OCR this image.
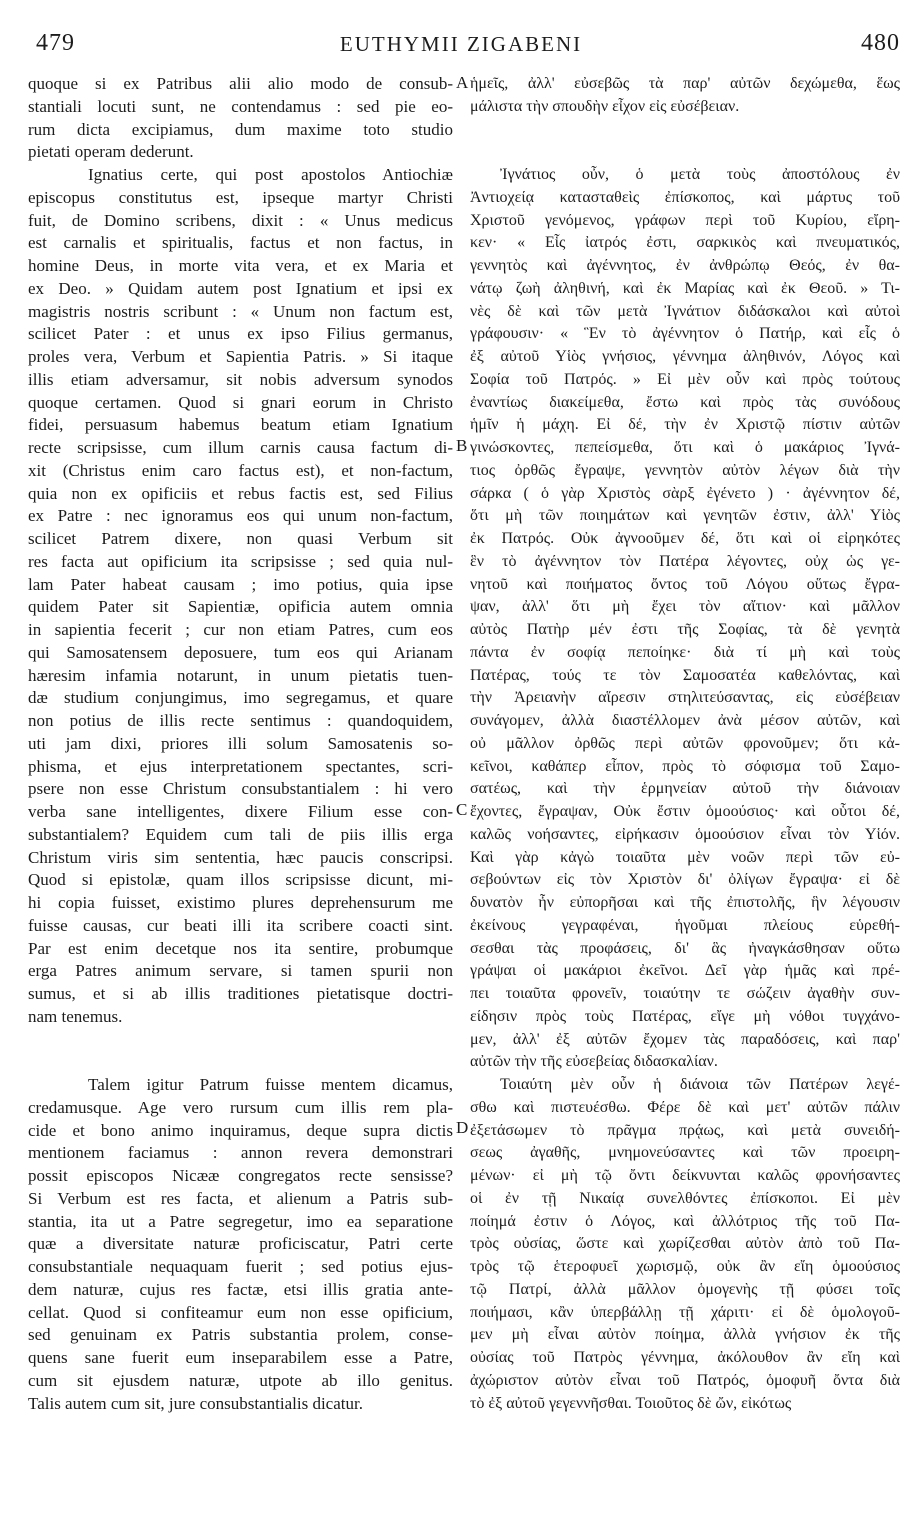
479	EUTHYMII ZIGABENI	480
A
B
C
D
quoque si ex Patribus alii alio modo de consub-
stantiali locuti sunt, ne contendamus : sed pie eo-
rum dicta excipiamus, dum maxime toto studio
pietati operam dederunt.
Ignatius certe, qui post apostolos Antiochiæ
episcopus constitutus est, ipseque martyr Christi
fuit, de Domino scribens, dixit : « Unus medicus
est carnalis et spiritualis, factus et non factus, in
homine Deus, in morte vita vera, et ex Maria et
ex Deo. » Quidam autem post Ignatium et ipsi ex
magistris nostris scribunt : « Unum non factum est,
scilicet Pater : et unus ex ipso Filius germanus,
proles vera, Verbum et Sapientia Patris. » Si itaque
illis etiam adversamur, sit nobis adversum synodos
quoque certamen. Quod si gnari eorum in Christo
fidei, persuasum habemus beatum etiam Ignatium
recte scripsisse, cum illum carnis causa factum di-
xit (Christus enim caro factus est), et non-factum,
quia non ex opificiis et rebus factis est, sed Filius
ex Patre : nec ignoramus eos qui unum non-factum,
scilicet Patrem dixere, non quasi Verbum sit
res facta aut opificium ita scripsisse ; sed quia nul-
lam Pater habeat causam ; imo potius, quia ipse
quidem Pater sit Sapientiæ, opificia autem omnia
in sapientia fecerit ; cur non etiam Patres, cum eos
qui Samosatensem deposuere, tum eos qui Arianam
hæresim infamia notarunt, in unum pietatis tuen-
dæ studium conjungimus, imo segregamus, et quare
non potius de illis recte sentimus : quandoquidem,
uti jam dixi, priores illi solum Samosatenis so-
phisma, et ejus interpretationem spectantes, scri-
psere non esse Christum consubstantialem : hi vero
verba sane intelligentes, dixere Filium esse con-
substantialem? Equidem cum tali de piis illis erga
Christum viris sim sententia, hæc paucis conscripsi.
Quod si epistolæ, quam illos scripsisse dicunt, mi-
hi copia fuisset, existimo plures deprehensurum me
fuisse causas, cur beati illi ita scribere coacti sint.
Par est enim decetque nos ita sentire, probumque
erga Patres animum servare, si tamen spurii non
sumus, et si ab illis traditiones pietatisque doctri-
nam tenemus.
Talem igitur Patrum fuisse mentem dicamus,
credamusque. Age vero rursum cum illis rem pla-
cide et bono animo inquiramus, deque supra dictis
mentionem faciamus : annon revera demonstrari
possit episcopos Nicææ congregatos recte sensisse?
Si Verbum est res facta, et alienum a Patris sub-
stantia, ita ut a Patre segregetur, imo ea separatione
quæ a diversitate naturæ proficiscatur, Patri certe
consubstantiale nequaquam fuerit ; sed potius ejus-
dem naturæ, cujus res factæ, etsi illis gratia ante-
cellat. Quod si confiteamur eum non esse opificium,
sed genuinam ex Patris substantia prolem, conse-
quens sane fuerit eum inseparabilem esse a Patre,
cum sit ejusdem naturæ, utpote ab illo genitus.
Talis autem cum sit, jure consubstantialis dicatur.
ἡμεῖς, ἀλλ' εὐσεβῶς τὰ παρ' αὐτῶν δεχώμεθα, ἕως
μάλιστα τὴν σπουδὴν εἶχον εἰς εὐσέβειαν.
Ἰγνάτιος οὖν, ὁ μετὰ τοὺς ἀποστόλους ἐν
Ἀντιοχείᾳ κατασταθεὶς ἐπίσκοπος, καὶ μάρτυς τοῦ
Χριστοῦ γενόμενος, γράφων περὶ τοῦ Κυρίου, εἴρη-
κεν· « Εἷς ἰατρός ἐστι, σαρκικὸς καὶ πνευματικός,
γεννητὸς καὶ ἀγέννητος, ἐν ἀνθρώπῳ Θεός, ἐν θα-
νάτῳ ζωὴ ἀληθινή, καὶ ἐκ Μαρίας καὶ ἐκ Θεοῦ. » Τι-
νὲς δὲ καὶ τῶν μετὰ Ἰγνάτιον διδάσκαλοι καὶ αὐτοὶ
γράφουσιν· « Ἓν τὸ ἀγέννητον ὁ Πατήρ, καὶ εἷς ὁ
ἐξ αὐτοῦ Υἱὸς γνήσιος, γέννημα ἀληθινόν, Λόγος καὶ
Σοφία τοῦ Πατρός. » Εἰ μὲν οὖν καὶ πρὸς τούτους
ἐναντίως διακείμεθα, ἔστω καὶ πρὸς τὰς συνόδους
ἡμῖν ἡ μάχη. Εἰ δέ, τὴν ἐν Χριστῷ πίστιν αὐτῶν
γινώσκοντες, πεπείσμεθα, ὅτι καὶ ὁ μακάριος Ἰγνά-
τιος ὀρθῶς ἔγραψε, γεννητὸν αὐτὸν λέγων διὰ τὴν
σάρκα ( ὁ γὰρ Χριστὸς σὰρξ ἐγένετο ) · ἀγέννητον δέ,
ὅτι μὴ τῶν ποιημάτων καὶ γενητῶν ἐστιν, ἀλλ' Υἱὸς
ἐκ Πατρός. Οὐκ ἀγνοοῦμεν δέ, ὅτι καὶ οἱ εἰρηκότες
ἓν τὸ ἀγέννητον τὸν Πατέρα λέγοντες, οὐχ ὡς γε-
νητοῦ καὶ ποιήματος ὄντος τοῦ Λόγου οὕτως ἔγρα-
ψαν, ἀλλ' ὅτι μὴ ἔχει τὸν αἴτιον· καὶ μᾶλλον
αὐτὸς Πατὴρ μέν ἐστι τῆς Σοφίας, τὰ δὲ γενητὰ
πάντα ἐν σοφίᾳ πεποίηκε· διὰ τί μὴ καὶ τοὺς
Πατέρας, τούς τε τὸν Σαμοσατέα καθελόντας, καὶ
τὴν Ἀρειανὴν αἵρεσιν στηλιτεύσαντας, εἰς εὐσέβειαν
συνάγομεν, ἀλλὰ διαστέλλομεν ἀνὰ μέσον αὐτῶν, καὶ
οὐ μᾶλλον ὀρθῶς περὶ αὐτῶν φρονοῦμεν; ὅτι κἀ-
κεῖνοι, καθάπερ εἶπον, πρὸς τὸ σόφισμα τοῦ Σαμο-
σατέως, καὶ τὴν ἑρμηνείαν αὐτοῦ τὴν διάνοιαν
ἔχοντες, ἔγραψαν, Οὐκ ἔστιν ὁμοούσιος· καὶ οὗτοι δέ,
καλῶς νοήσαντες, εἰρήκασιν ὁμοούσιον εἶναι τὸν Υἱόν.
Καὶ γὰρ κἀγὼ τοιαῦτα μὲν νοῶν περὶ τῶν εὐ-
σεβούντων εἰς τὸν Χριστὸν δι' ὀλίγων ἔγραψα· εἰ δὲ
δυνατὸν ἦν εὐπορῆσαι καὶ τῆς ἐπιστολῆς, ἣν λέγουσιν
ἐκείνους γεγραφέναι, ἡγοῦμαι πλείους εὑρεθή-
σεσθαι τὰς προφάσεις, δι' ἃς ἠναγκάσθησαν οὕτω
γράψαι οἱ μακάριοι ἐκεῖνοι. Δεῖ γὰρ ἡμᾶς καὶ πρέ-
πει τοιαῦτα φρονεῖν, τοιαύτην τε σώζειν ἀγαθὴν συν-
είδησιν πρὸς τοὺς Πατέρας, εἴγε μὴ νόθοι τυγχάνο-
μεν, ἀλλ' ἐξ αὐτῶν ἔχομεν τὰς παραδόσεις, καὶ παρ'
αὐτῶν τὴν τῆς εὐσεβείας διδασκαλίαν.
Τοιαύτη μὲν οὖν ἡ διάνοια τῶν Πατέρων λεγέ-
σθω καὶ πιστευέσθω. Φέρε δὲ καὶ μετ' αὐτῶν πάλιν
ἐξετάσωμεν τὸ πρᾶγμα πρᾴως, καὶ μετὰ συνειδή-
σεως ἀγαθῆς, μνημονεύσαντες καὶ τῶν προειρη-
μένων· εἰ μὴ τῷ ὄντι δείκνυνται καλῶς φρονήσαντες
οἱ ἐν τῇ Νικαίᾳ συνελθόντες ἐπίσκοποι. Εἰ μὲν
ποίημά ἐστιν ὁ Λόγος, καὶ ἀλλότριος τῆς τοῦ Πα-
τρὸς οὐσίας, ὥστε καὶ χωρίζεσθαι αὐτὸν ἀπὸ τοῦ Πα-
τρὸς τῷ ἑτεροφυεῖ χωρισμῷ, οὐκ ἂν εἴη ὁμοούσιος
τῷ Πατρί, ἀλλὰ μᾶλλον ὁμογενὴς τῇ φύσει τοῖς
ποιήμασι, κἂν ὑπερβάλλῃ τῇ χάριτι· εἰ δὲ ὁμολογοῦ-
μεν μὴ εἶναι αὐτὸν ποίημα, ἀλλὰ γνήσιον ἐκ τῆς
οὐσίας τοῦ Πατρὸς γέννημα, ἀκόλουθον ἂν εἴη καὶ
ἀχώριστον αὐτὸν εἶναι τοῦ Πατρός, ὁμοφυῆ ὄντα διὰ
τὸ ἐξ αὐτοῦ γεγεννῆσθαι. Τοιοῦτος δὲ ὤν, εἰκότως
